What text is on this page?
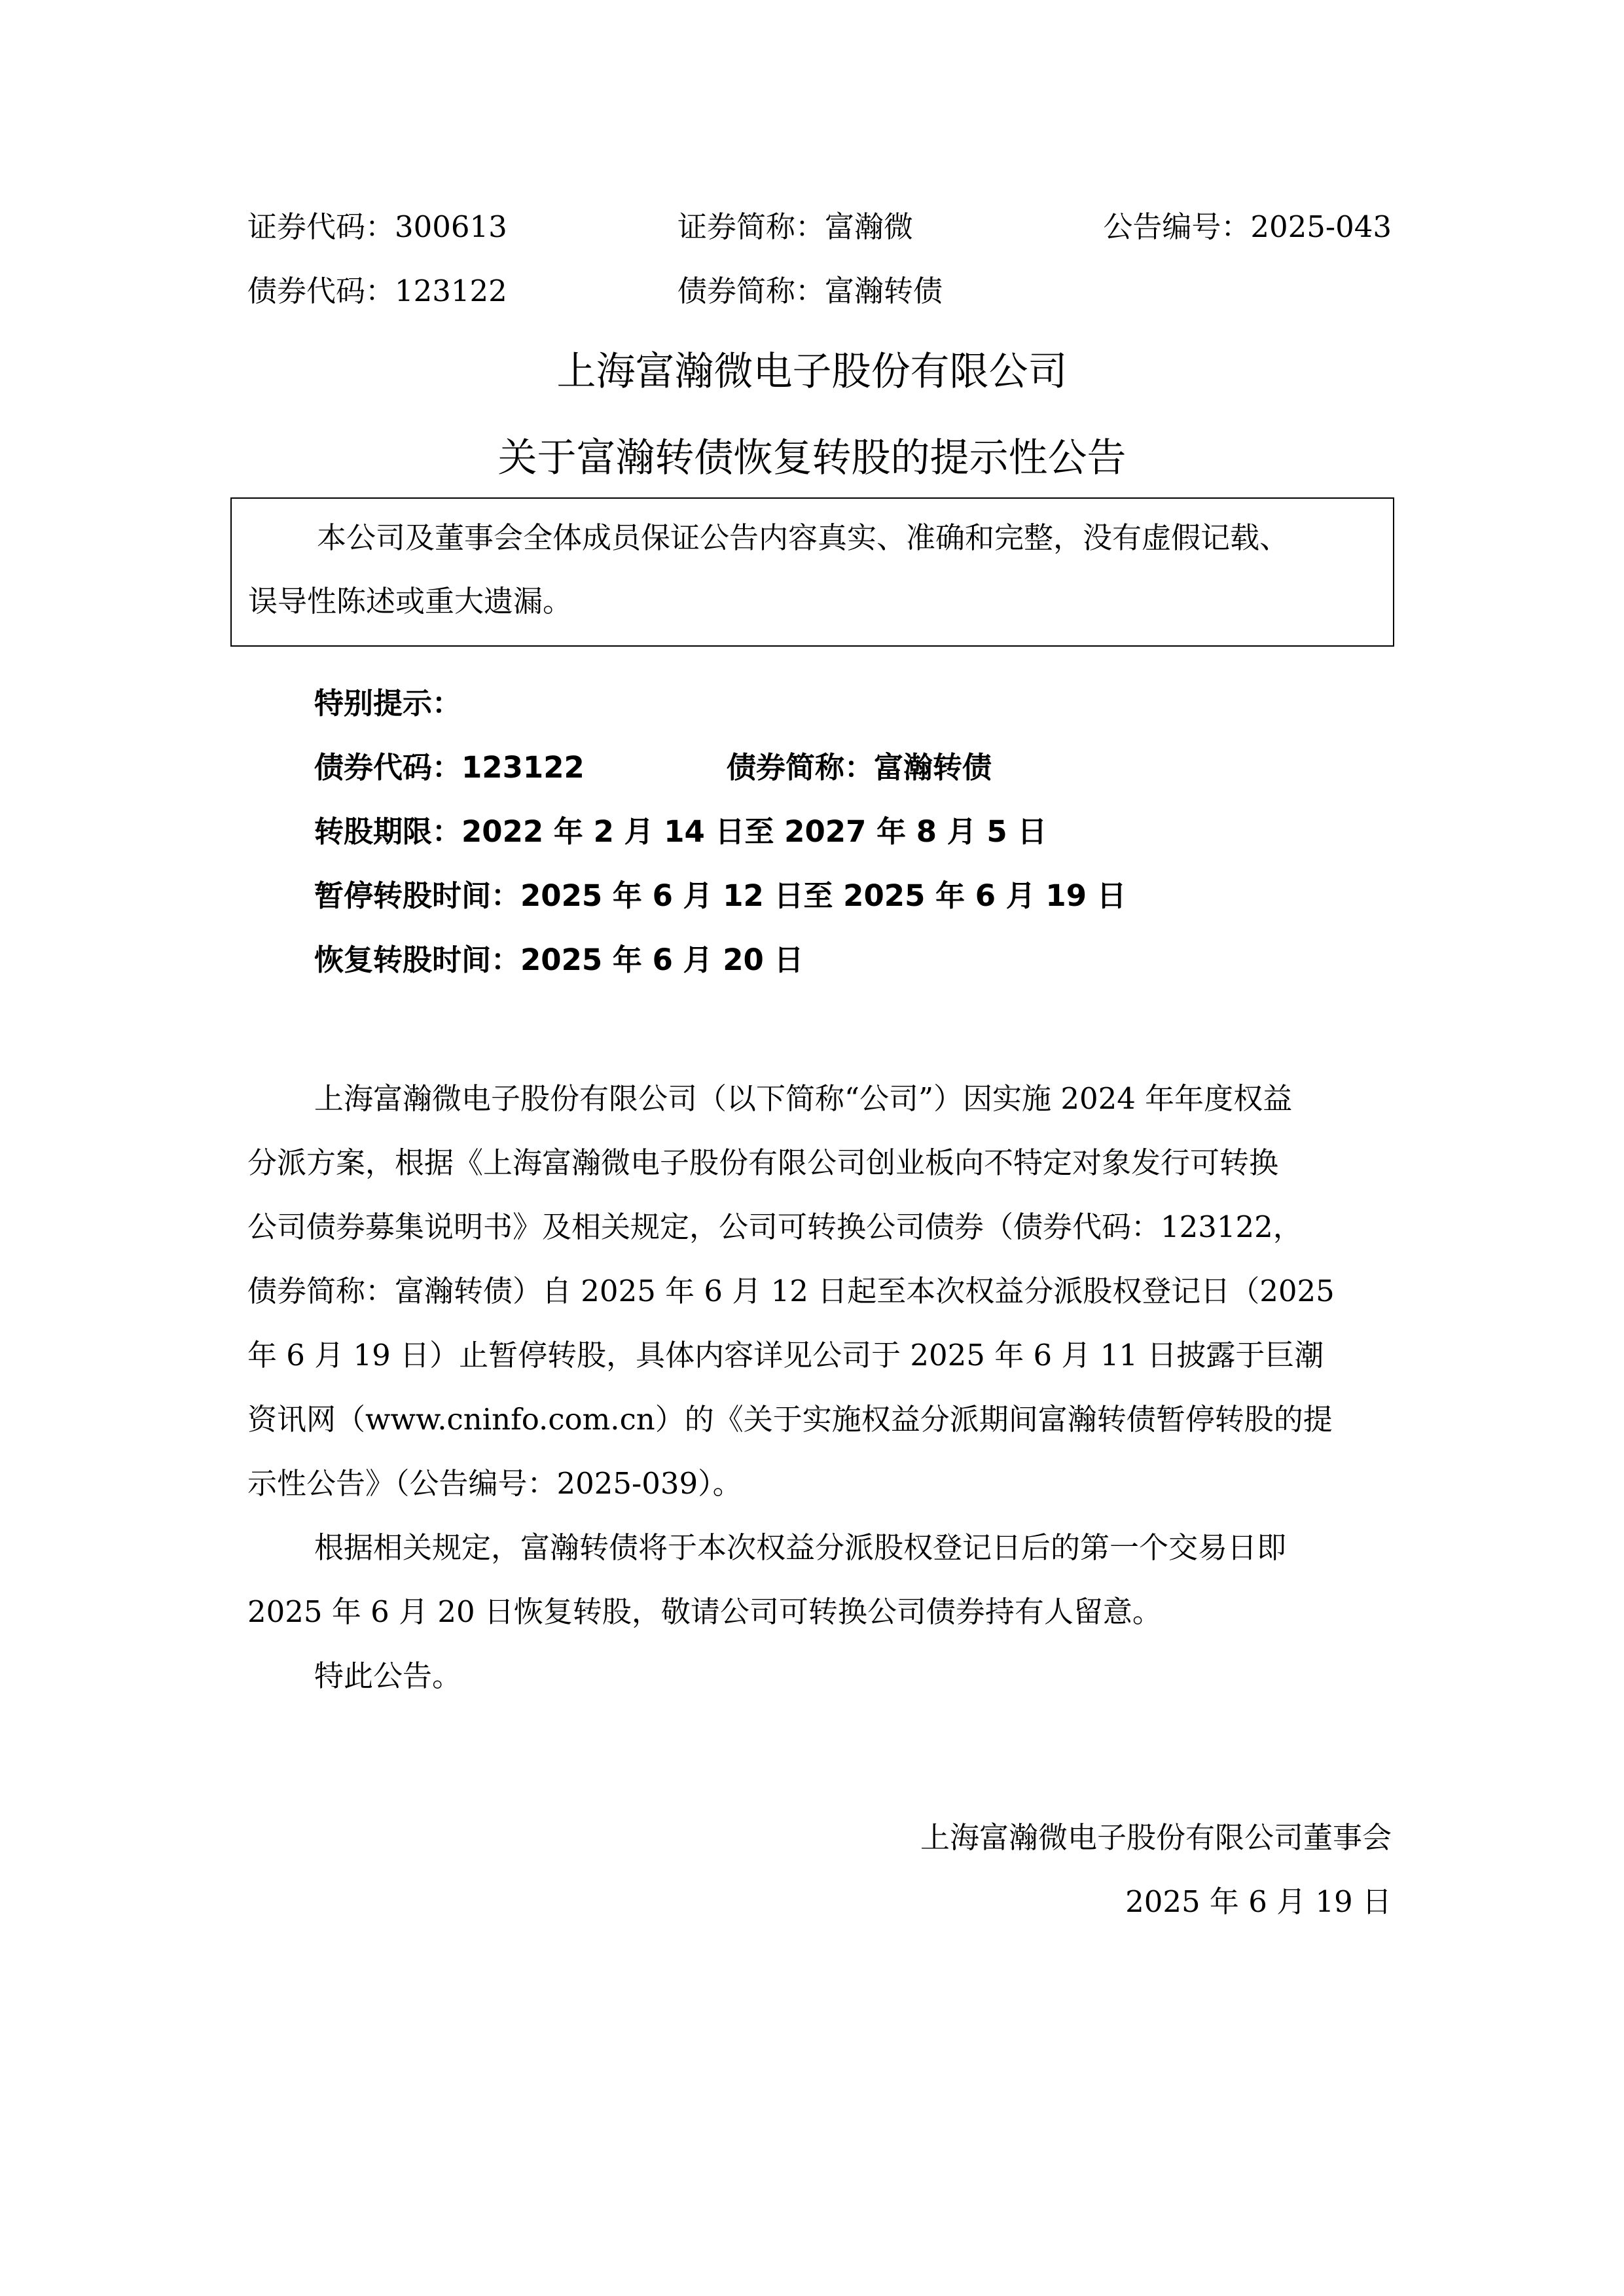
证券代码：300613	证券简称：富瀚微	公告编号：2025-043
债券代码：123122	债券简称：富瀚转债
上海富瀚微电子股份有限公司
关于富瀚转债恢复转股的提示性公告
本公司及董事会全体成员保证公告内容真实、准确和完整，没有虚假记载、
误导性陈述或重大遗漏。
特别提示：
债券代码：123122	债券简称：富瀚转债
转股期限：2022 年 2 月 14 日至 2027 年 8 月 5 日
暂停转股时间：2025 年 6 月 12 日至 2025 年 6 月 19 日
恢复转股时间：2025 年 6 月 20 日
上海富瀚微电子股份有限公司（以下简称“公司”）因实施 2024 年年度权益
分派方案，根据《上海富瀚微电子股份有限公司创业板向不特定对象发行可转换
公司债券募集说明书》及相关规定，公司可转换公司债券（债券代码：123122，
债券简称：富瀚转债）自 2025 年 6 月 12 日起至本次权益分派股权登记日（2025
年 6 月 19 日）止暂停转股，具体内容详见公司于 2025 年 6 月 11 日披露于巨潮
资讯网（www.cninfo.com.cn）的《关于实施权益分派期间富瀚转债暂停转股的提
示性公告》（公告编号：2025-039）。
根据相关规定，富瀚转债将于本次权益分派股权登记日后的第一个交易日即
2025 年 6 月 20 日恢复转股，敬请公司可转换公司债券持有人留意。
特此公告。
上海富瀚微电子股份有限公司董事会
2025 年 6 月 19 日
